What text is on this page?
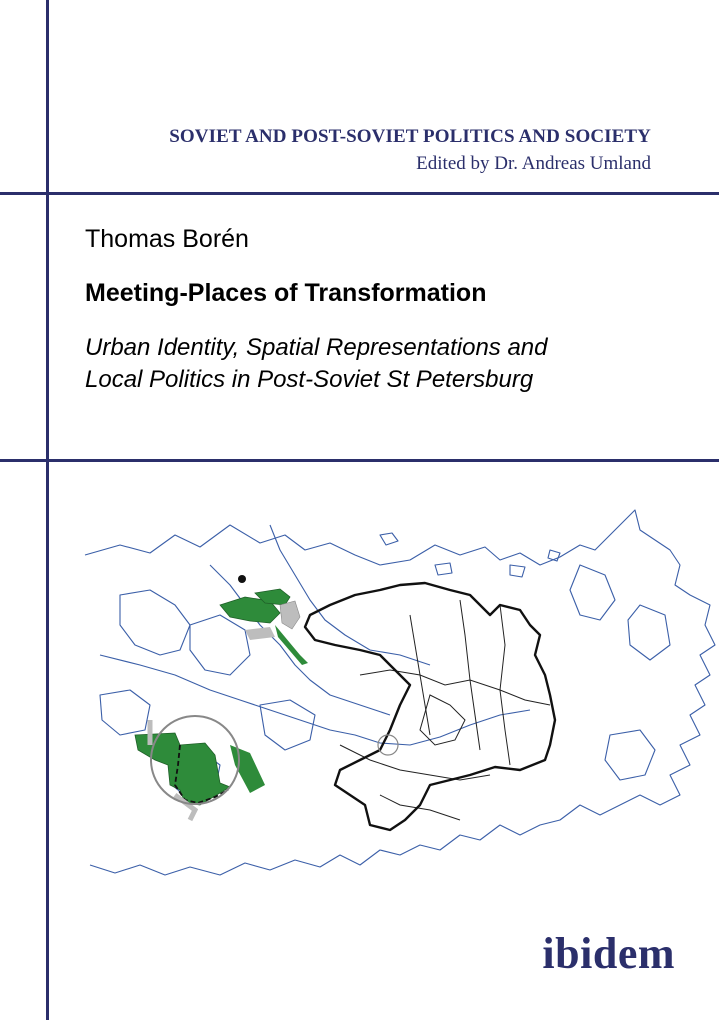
SOVIET AND POST-SOVIET POLITICS AND SOCIETY
Edited by Dr. Andreas Umland
Thomas Borén
Meeting-Places of Transformation
Urban Identity, Spatial Representations and
Local Politics in Post-Soviet St Petersburg
ibidem
